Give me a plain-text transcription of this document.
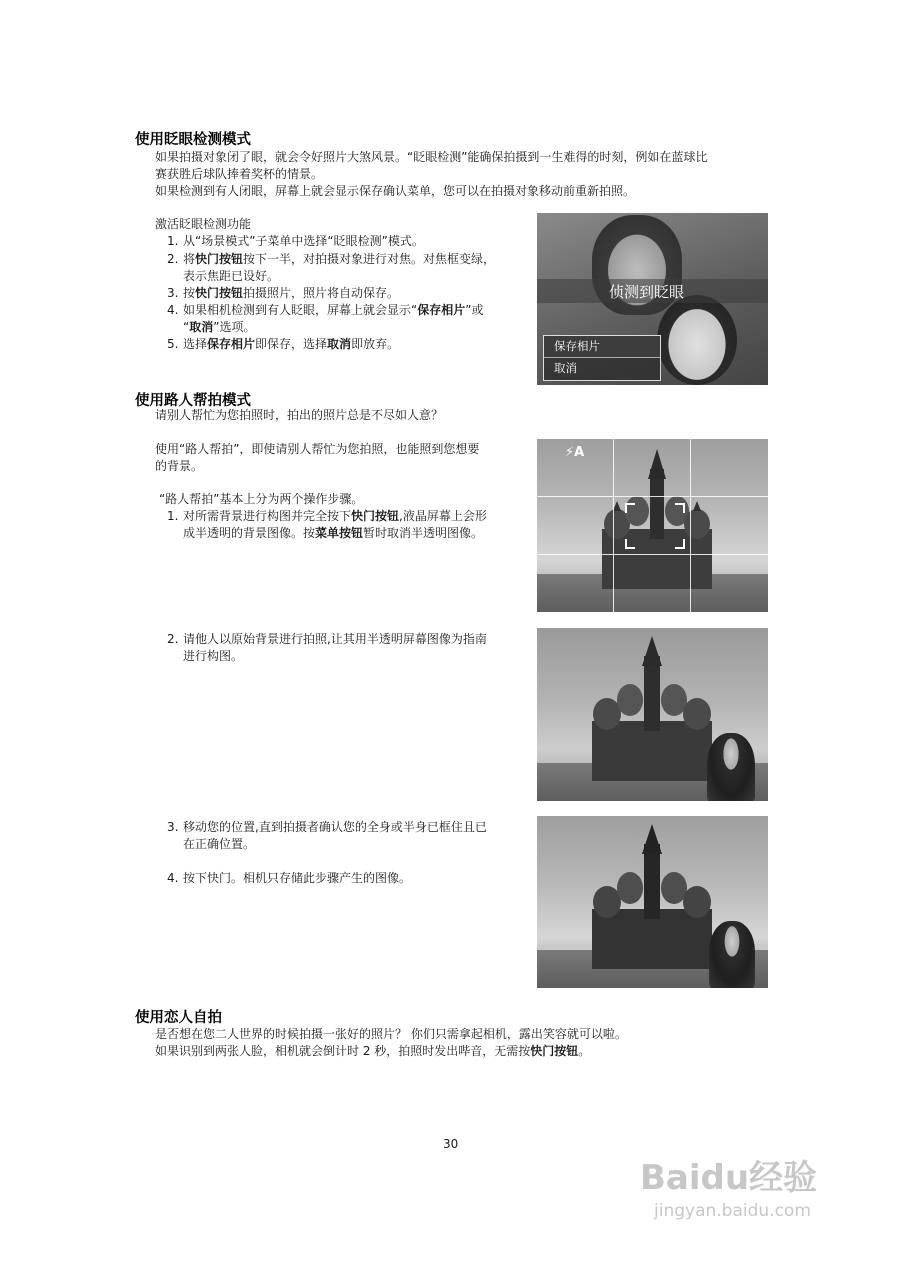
使用眨眼检测模式
如果拍摄对象闭了眼，就会令好照片大煞风景。“眨眼检测”能确保拍摄到一生难得的时刻，例如在蓝球比
赛获胜后球队捧着奖杯的情景。
如果检测到有人闭眼，屏幕上就会显示保存确认菜单，您可以在拍摄对象移动前重新拍照。
激活眨眼检测功能
1. 从“场景模式”子菜单中选择“眨眼检测”模式。
2. 将快门按钮按下一半，对拍摄对象进行对焦。对焦框变绿，
表示焦距已设好。
3. 按快门按钮拍摄照片，照片将自动保存。
4. 如果相机检测到有人眨眼，屏幕上就会显示“保存相片”或
“取消”选项。
5. 选择保存相片即保存，选择取消即放弃。
侦测到眨眼
保存相片
取消
使用路人帮拍模式
请别人帮忙为您拍照时，拍出的照片总是不尽如人意？
使用“路人帮拍”，即使请别人帮忙为您拍照，也能照到您想要
的背景。
“路人帮拍”基本上分为两个操作步骤。
1. 对所需背景进行构图并完全按下快门按钮,液晶屏幕上会形
成半透明的背景图像。按菜单按钮暂时取消半透明图像。
⚡A
2. 请他人以原始背景进行拍照,让其用半透明屏幕图像为指南
进行构图。
3. 移动您的位置,直到拍摄者确认您的全身或半身已框住且已
在正确位置。
4. 按下快门。相机只存储此步骤产生的图像。
使用恋人自拍
是否想在您二人世界的时候拍摄一张好的照片？ 你们只需拿起相机，露出笑容就可以啦。
如果识别到两张人脸，相机就会倒计时 2 秒，拍照时发出哔音，无需按快门按钮。
30
Baidu经验
jingyan.baidu.com
